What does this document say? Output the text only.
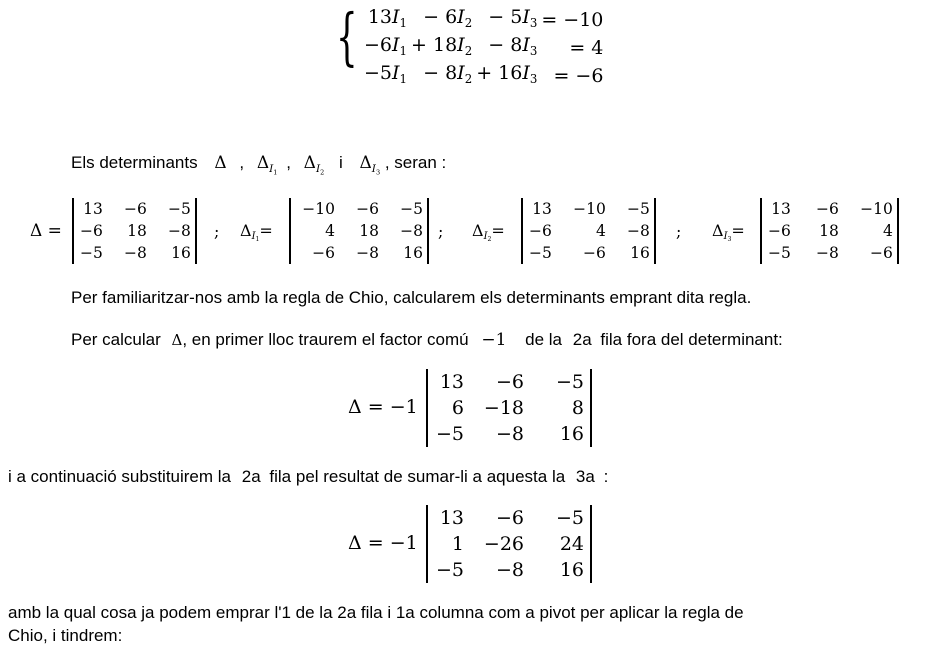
{ $13I_1$	− $6I_2$	− $5I_3$	= −10
$-6I_1$	+ $18I_2$	− $8I_3$	= 4
$-5I_1$	− $8I_2$	+ $16I_3$	= −6
Els determinants Δ , $\Delta_{I_1}$ , $\Delta_{I_2}$ i $\Delta_{I_3}$ , seran :
Δ =
13	−6	−5
−6	18	−8
−5	−8	16
; $\Delta_{I_1}=$
−10	−6	−5
4	18	−8
−6	−8	16
; $\Delta_{I_2}=$
13	−10	−5
−6	4	−8
−5	−6	16
; $\Delta_{I_3}=$
13	−6	−10
−6	18	4
−5	−8	−6
Per familiaritzar-nos amb la regla de Chio, calcularem els determinants emprant dita regla.
Per calcular Δ, en primer lloc traurem el factor comú −1 de la 2a fila fora del determinant:
Δ = −1
13	−6	−5
6	−18	8
−5	−8	16
i a continuació substituirem la 2a fila pel resultat de sumar-li a aquesta la 3a :
Δ = −1
13	−6	−5
1	−26	24
−5	−8	16
amb la qual cosa ja podem emprar l'1 de la 2a fila i 1a columna com a pivot per aplicar la regla de
Chio, i tindrem:
